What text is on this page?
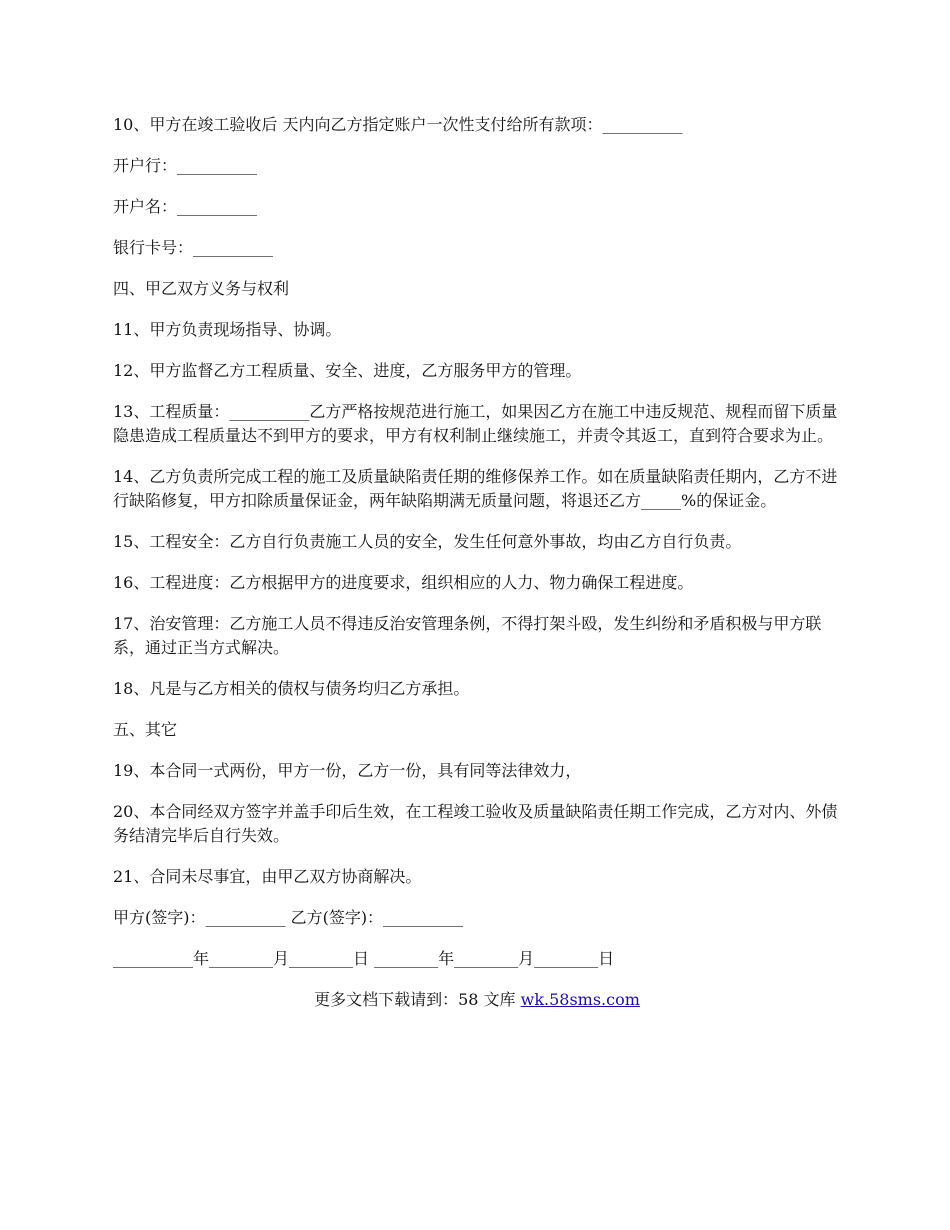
10、甲方在竣工验收后 天内向乙方指定账户一次性支付给所有款项：__________

开户行：__________

开户名：__________

银行卡号：__________

四、甲乙双方义务与权利

11、甲方负责现场指导、协调。

12、甲方监督乙方工程质量、安全、进度，乙方服务甲方的管理。

13、工程质量：__________乙方严格按规范进行施工，如果因乙方在施工中违反规范、规程而留下质量隐患造成工程质量达不到甲方的要求，甲方有权利制止继续施工，并责令其返工，直到符合要求为止。

14、乙方负责所完成工程的施工及质量缺陷责任期的维修保养工作。如在质量缺陷责任期内，乙方不进行缺陷修复，甲方扣除质量保证金，两年缺陷期满无质量问题，将退还乙方_____%的保证金。

15、工程安全：乙方自行负责施工人员的安全，发生任何意外事故，均由乙方自行负责。

16、工程进度：乙方根据甲方的进度要求，组织相应的人力、物力确保工程进度。

17、治安管理：乙方施工人员不得违反治安管理条例，不得打架斗殴，发生纠纷和矛盾积极与甲方联系，通过正当方式解决。

18、凡是与乙方相关的债权与债务均归乙方承担。

五、其它

19、本合同一式两份，甲方一份，乙方一份，具有同等法律效力，

20、本合同经双方签字并盖手印后生效，在工程竣工验收及质量缺陷责任期工作完成，乙方对内、外债务结清完毕后自行失效。

21、合同未尽事宜，由甲乙双方协商解决。

甲方(签字)：__________ 乙方(签字)：__________

__________年________月________日 ________年________月________日

更多文档下载请到：58 文库 wk.58sms.com
